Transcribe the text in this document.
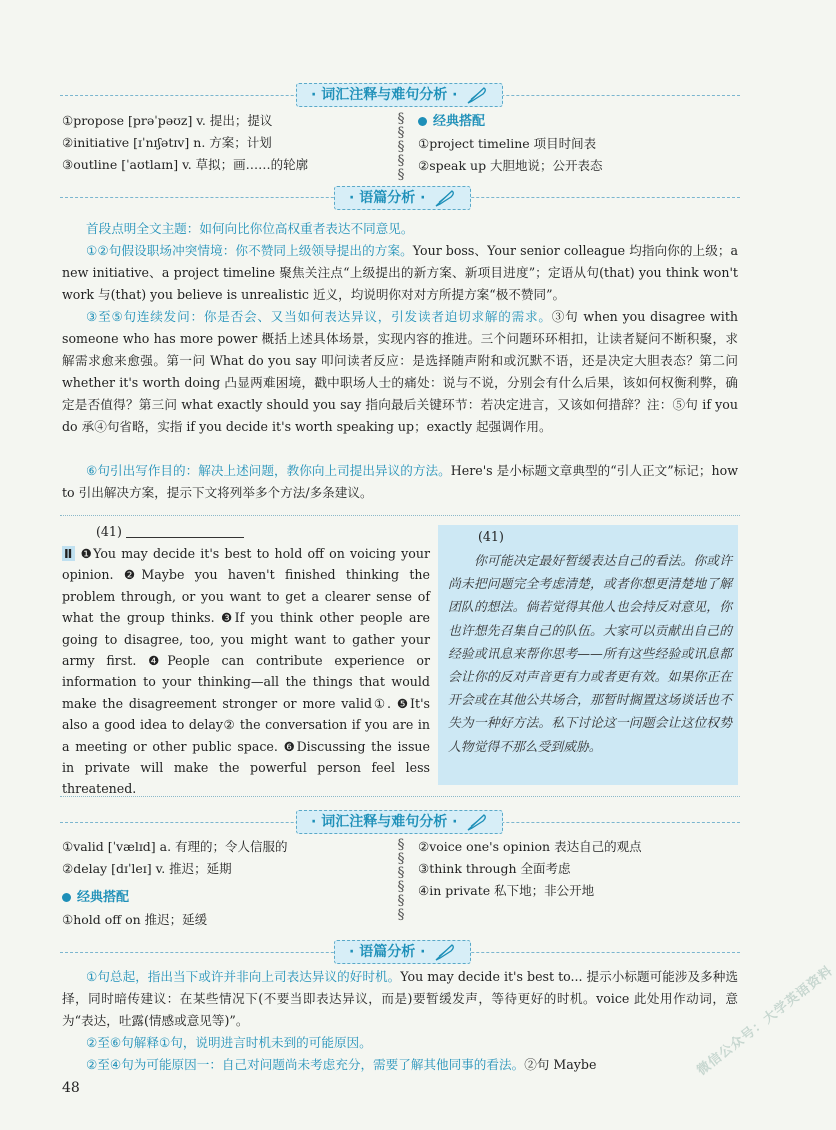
· 词汇注释与难句分析 ·
①propose [prəˈpəʊz] v. 提出；提议
②initiative [ɪˈnɪʃətɪv] n. 方案；计划
③outline [ˈaʊtlaɪn] v. 草拟；画……的轮廓
§
§
§
§
§
经典搭配
①project timeline 项目时间表
②speak up 大胆地说；公开表态
· 语篇分析 ·
首段点明全文主题：如何向比你位高权重者表达不同意见。
①②句假设职场冲突情境：你不赞同上级领导提出的方案。Your boss、Your senior colleague 均指向你的上级；a new initiative、a project timeline 聚焦关注点“上级提出的新方案、新项目进度”；定语从句(that) you think won't work 与(that) you believe is unrealistic 近义，均说明你对对方所提方案“极不赞同”。
③至⑤句连续发问：你是否会、又当如何表达异议，引发读者迫切求解的需求。③句 when you disagree with someone who has more power 概括上述具体场景，实现内容的推进。三个问题环环相扣，让读者疑问不断积聚，求解需求愈来愈强。第一问 What do you say 叩问读者反应：是选择随声附和或沉默不语，还是决定大胆表态？第二问 whether it's worth doing 凸显两难困境，戳中职场人士的痛处：说与不说，分别会有什么后果，该如何权衡利弊，确定是否值得？第三问 what exactly should you say 指向最后关键环节：若决定进言，又该如何措辞？注：⑤句 if you do 承④句省略，实指 if you decide it's worth speaking up；exactly 起强调作用。
⑥句引出写作目的：解决上述问题，教你向上司提出异议的方法。Here's 是小标题文章典型的“引人正文”标记；how to 引出解决方案，提示下文将列举多个方法/多条建议。
(41)
Ⅱ ❶You may decide it's best to hold off on voicing your opinion. ❷Maybe you haven't finished thinking the problem through, or you want to get a clearer sense of what the group thinks. ❸If you think other people are going to disagree, too, you might want to gather your army first. ❹People can contribute experience or information to your thinking—all the things that would make the disagreement stronger or more valid①. ❺It's also a good idea to delay② the conversation if you are in a meeting or other public space. ❻Discussing the issue in private will make the powerful person feel less threatened.
(41)
你可能决定最好暂缓表达自己的看法。你或许尚未把问题完全考虑清楚，或者你想更清楚地了解团队的想法。倘若觉得其他人也会持反对意见，你也许想先召集自己的队伍。大家可以贡献出自己的经验或讯息来帮你思考——所有这些经验或讯息都会让你的反对声音更有力或者更有效。如果你正在开会或在其他公共场合，那暂时搁置这场谈话也不失为一种好方法。私下讨论这一问题会让这位权势人物觉得不那么受到威胁。
· 词汇注释与难句分析 ·
①valid [ˈvælɪd] a. 有理的；令人信服的
②delay [dɪˈleɪ] v. 推迟；延期
经典搭配
①hold off on 推迟；延缓
§
§
§
§
§
§
②voice one's opinion 表达自己的观点
③think through 全面考虑
④in private 私下地；非公开地
· 语篇分析 ·
①句总起，指出当下或许并非向上司表达异议的好时机。You may decide it's best to... 提示小标题可能涉及多种选择，同时暗传建议：在某些情况下(不要当即表达异议，而是)要暂缓发声，等待更好的时机。voice 此处用作动词，意为“表达，吐露(情感或意见等)”。
②至⑥句解释①句，说明进言时机未到的可能原因。
②至④句为可能原因一：自己对问题尚未考虑充分，需要了解其他同事的看法。②句 Maybe
48
微信公众号：大学英语资料
